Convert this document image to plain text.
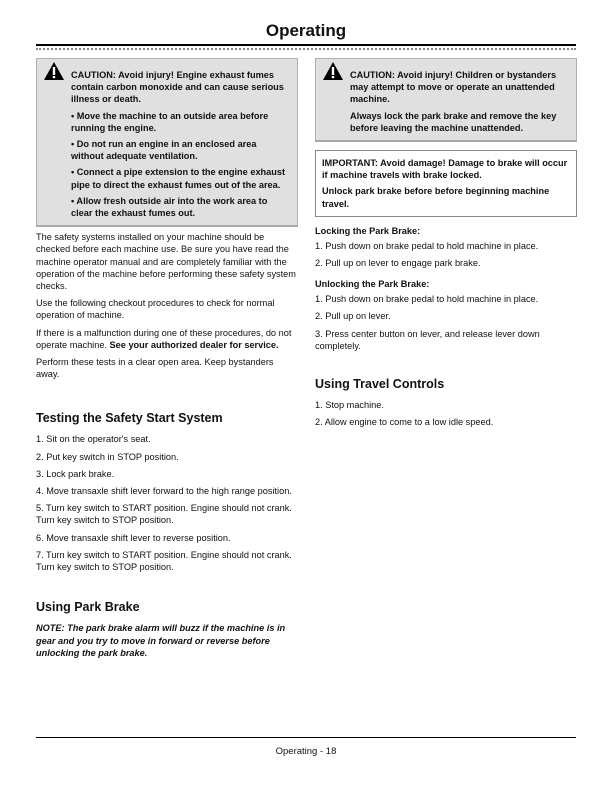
Operating

CAUTION: Avoid injury! Engine exhaust fumes contain carbon monoxide and can cause serious illness or death.

• Move the machine to an outside area before running the engine.

• Do not run an engine in an enclosed area without adequate ventilation.

• Connect a pipe extension to the engine exhaust pipe to direct the exhaust fumes out of the area.

• Allow fresh outside air into the work area to clear the exhaust fumes out.

The safety systems installed on your machine should be checked before each machine use. Be sure you have read the machine operator manual and are completely familiar with the operation of the machine before performing these safety system checks.

Use the following checkout procedures to check for normal operation of machine.

If there is a malfunction during one of these procedures, do not operate machine. See your authorized dealer for service.

Perform these tests in a clear open area. Keep bystanders away.

Testing the Safety Start System
1. Sit on the operator's seat.
2. Put key switch in STOP position.
3. Lock park brake.
4. Move transaxle shift lever forward to the high range position.
5. Turn key switch to START position. Engine should not crank. Turn key switch to STOP position.
6. Move transaxle shift lever to reverse position.
7. Turn key switch to START position. Engine should not crank. Turn key switch to STOP position.
Using Park Brake

NOTE: The park brake alarm will buzz if the machine is in gear and you try to move in forward or reverse before unlocking the park brake.

CAUTION: Avoid injury! Children or bystanders may attempt to move or operate an unattended machine.

Always lock the park brake and remove the key before leaving the machine unattended.

IMPORTANT: Avoid damage! Damage to brake will occur if machine travels with brake locked.

Unlock park brake before before beginning machine travel.

Locking the Park Brake:
1. Push down on brake pedal to hold machine in place.
2. Pull up on lever to engage park brake.
Unlocking the Park Brake:
1. Push down on brake pedal to hold machine in place.
2. Pull up on lever.
3. Press center button on lever, and release lever down completely.
Using Travel Controls
1. Stop machine.
2. Allow engine to come to a low idle speed.
Operating - 18
